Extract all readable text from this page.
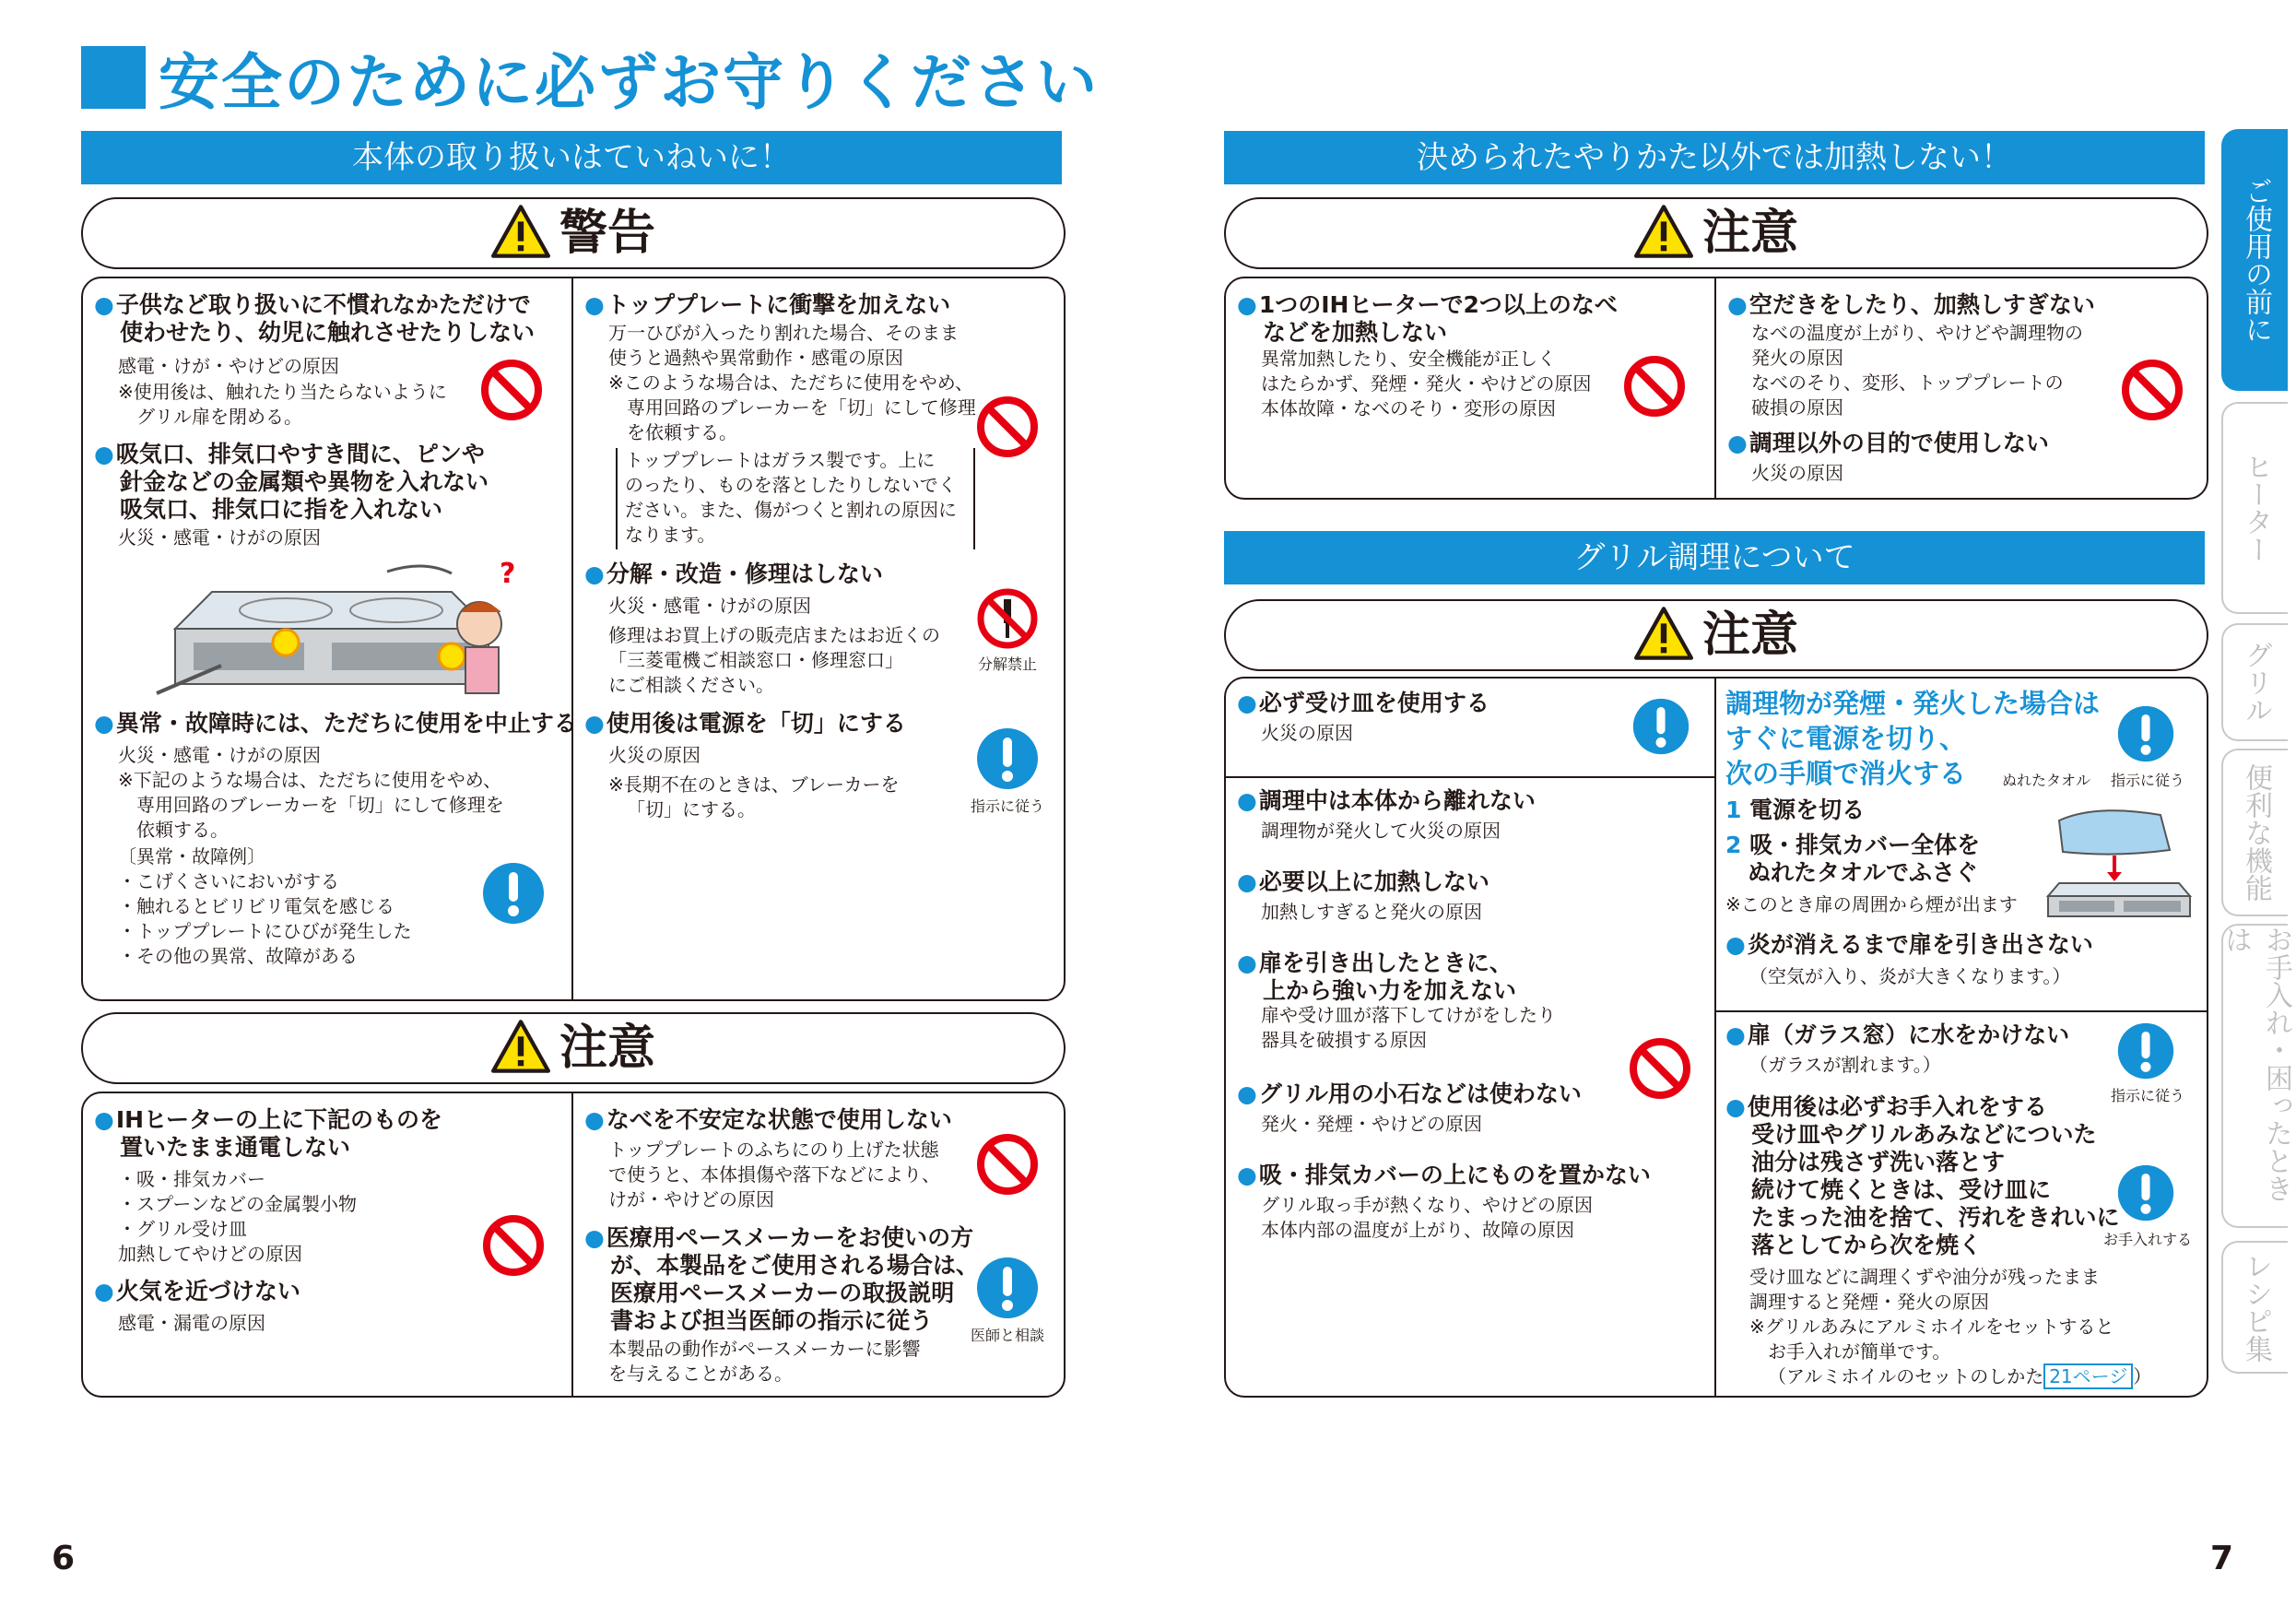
安全のために必ずお守りください
本体の取り扱いはていねいに！
警告
●子供など取り扱いに不慣れなかただけで
使わせたり、幼児に触れさせたりしない
感電・けが・やけどの原因
※使用後は、触れたり当たらないように
グリル扉を閉める。
●吸気口、排気口やすき間に、ピンや
針金などの金属類や異物を入れない
吸気口、排気口に指を入れない
火災・感電・けがの原因
?
●異常・故障時には、ただちに使用を中止する
火災・感電・けがの原因
※下記のような場合は、ただちに使用をやめ、
専用回路のブレーカーを「切」にして修理を
依頼する。
〔異常・故障例〕
・こげくさいにおいがする
・触れるとビリビリ電気を感じる
・トッププレートにひびが発生した
・その他の異常、故障がある
●トッププレートに衝撃を加えない
万一ひびが入ったり割れた場合、そのまま
使うと過熱や異常動作・感電の原因
※このような場合は、ただちに使用をやめ、
専用回路のブレーカーを「切」にして修理
を依頼する。
トッププレートはガラス製です。上に
のったり、ものを落としたりしないでく
ださい。また、傷がつくと割れの原因に
なります。
●分解・改造・修理はしない
火災・感電・けがの原因
修理はお買上げの販売店またはお近くの
「三菱電機ご相談窓口・修理窓口」
にご相談ください。
分解禁止
●使用後は電源を「切」にする
火災の原因
※長期不在のときは、ブレーカーを
「切」にする。	指示に従う
注意
●IHヒーターの上に下記のものを
置いたまま通電しない
・吸・排気カバー
・スプーンなどの金属製小物
・グリル受け皿
加熱してやけどの原因
●火気を近づけない
感電・漏電の原因
●なべを不安定な状態で使用しない
トッププレートのふちにのり上げた状態
で使うと、本体損傷や落下などにより、
けが・やけどの原因
●医療用ペースメーカーをお使いの方
が、本製品をご使用される場合は、
医療用ペースメーカーの取扱説明
書および担当医師の指示に従う
本製品の動作がペースメーカーに影響
を与えることがある。
医師と相談
6
決められたやりかた以外では加熱しない！
注意
●1つのIHヒーターで2つ以上のなべ
などを加熱しない
異常加熱したり、安全機能が正しく
はたらかず、発煙・発火・やけどの原因
本体故障・なべのそり・変形の原因
●空だきをしたり、加熱しすぎない
なべの温度が上がり、やけどや調理物の
発火の原因
なべのそり、変形、トッププレートの
破損の原因
●調理以外の目的で使用しない
火災の原因
グリル調理について
注意
●必ず受け皿を使用する
火災の原因
●調理中は本体から離れない
調理物が発火して火災の原因
●必要以上に加熱しない
加熱しすぎると発火の原因
●扉を引き出したときに、
上から強い力を加えない
扉や受け皿が落下してけがをしたり
器具を破損する原因
●グリル用の小石などは使わない
発火・発煙・やけどの原因
●吸・排気カバーの上にものを置かない
グリル取っ手が熱くなり、やけどの原因
本体内部の温度が上がり、故障の原因
調理物が発煙・発火した場合は
すぐに電源を切り、
次の手順で消火する	指示に従う
ぬれたタオル
1 電源を切る
2 吸・排気カバー全体を
ぬれたタオルでふさぐ
※このとき扉の周囲から煙が出ます
●炎が消えるまで扉を引き出さない
（空気が入り、炎が大きくなります。）
●扉（ガラス窓）に水をかけない
（ガラスが割れます。）
指示に従う
●使用後は必ずお手入れをする
受け皿やグリルあみなどについた
油分は残さず洗い落とす
続けて焼くときは、受け皿に
たまった油を捨て、汚れをきれいに
落としてから次を焼く
受け皿などに調理くずや油分が残ったまま
調理すると発煙・発火の原因
※グリルあみにアルミホイルをセットすると
お手入れが簡単です。
（アルミホイルのセットのしかた 21ページ ）
お手入れする
7
ご使用の前に
ヒーター
グリル
便利な機能
お手入れ・困ったときは
レシピ集
